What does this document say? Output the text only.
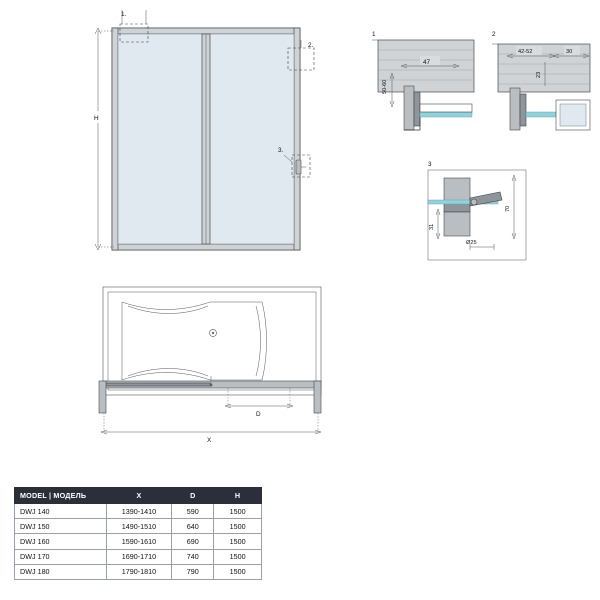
1.
2.
3.
H
1
47
50-60
2
42-52	30
23
3
70
31
Ø25
D
X
MODEL | МОДЕЛЬ	X	D	H
DWJ 140	1390-1410	590	1500
DWJ 150	1490-1510	640	1500
DWJ 160	1590-1610	690	1500
DWJ 170	1690-1710	740	1500
DWJ 180	1790-1810	790	1500
